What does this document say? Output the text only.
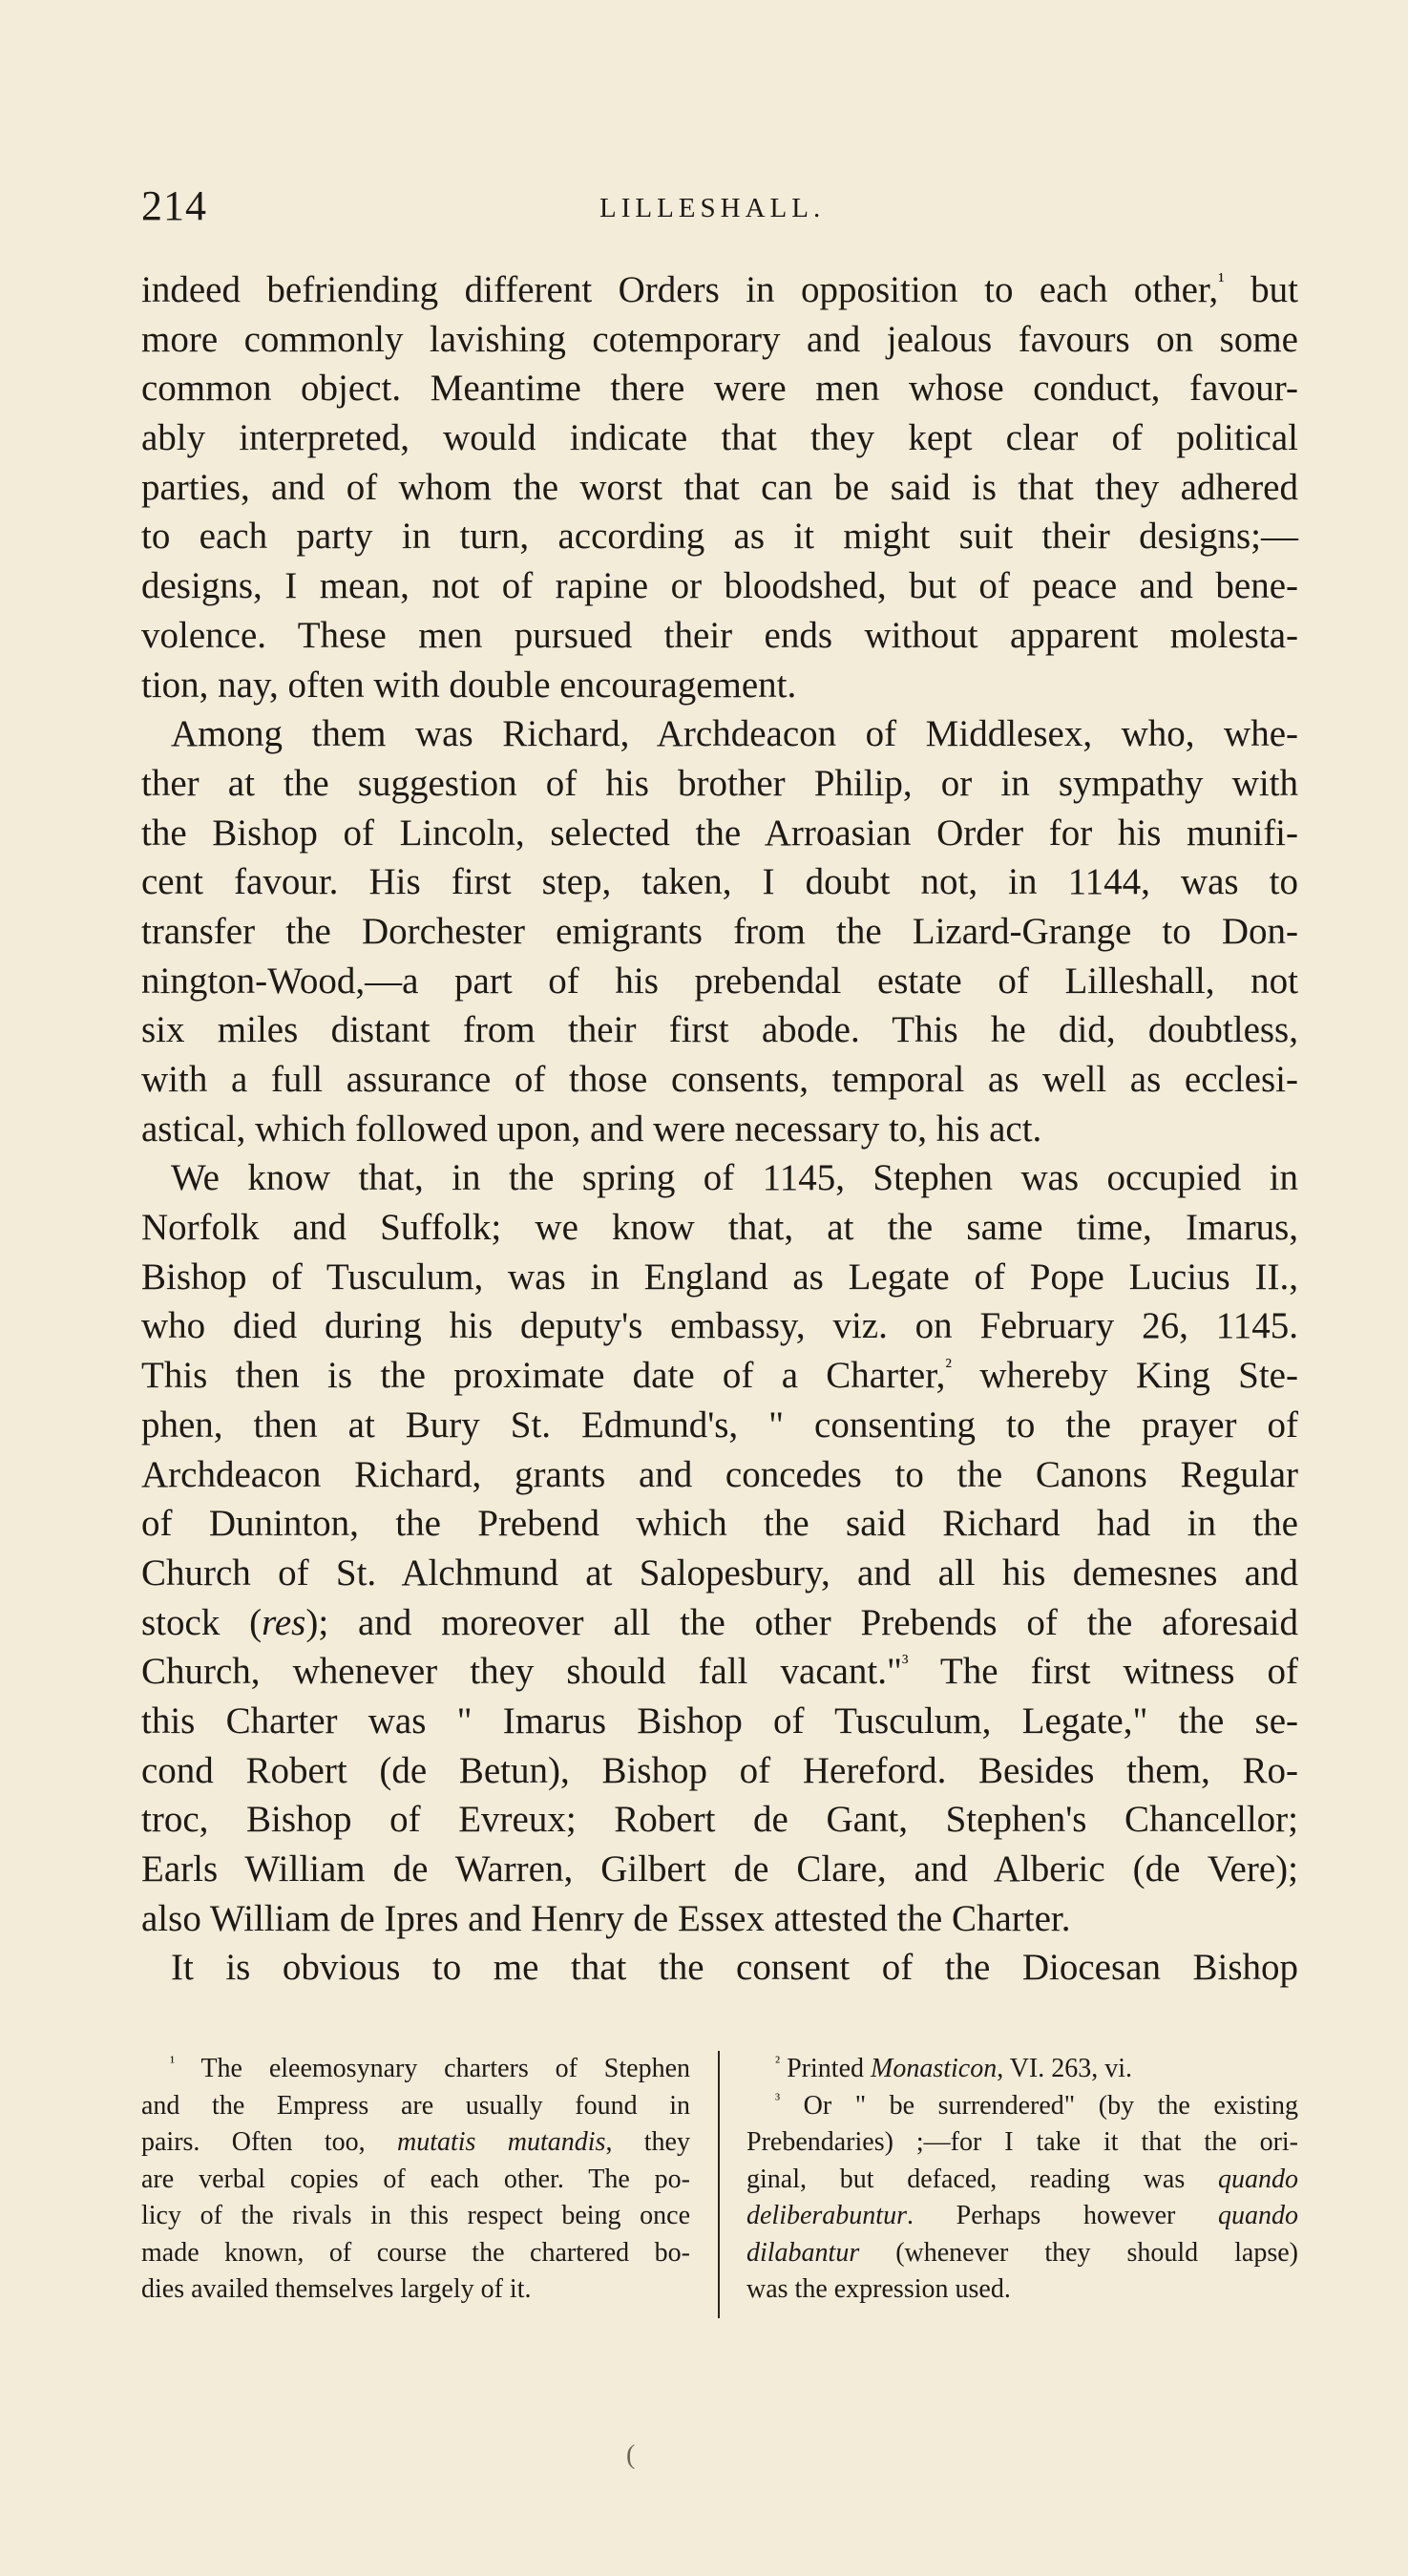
214	LILLESHALL.
indeed befriending different Orders in opposition to each other,$^{^1}$ but
more commonly lavishing cotemporary and jealous favours on some
common object. Meantime there were men whose conduct, favour-
ably interpreted, would indicate that they kept clear of political
parties, and of whom the worst that can be said is that they adhered
to each party in turn, according as it might suit their designs;—
designs, I mean, not of rapine or bloodshed, but of peace and bene-
volence. These men pursued their ends without apparent molesta-
tion, nay, often with double encouragement.
Among them was Richard, Archdeacon of Middlesex, who, whe-
ther at the suggestion of his brother Philip, or in sympathy with
the Bishop of Lincoln, selected the Arroasian Order for his munifi-
cent favour. His first step, taken, I doubt not, in 1144, was to
transfer the Dorchester emigrants from the Lizard-Grange to Don-
nington-Wood,—a part of his prebendal estate of Lilleshall, not
six miles distant from their first abode. This he did, doubtless,
with a full assurance of those consents, temporal as well as ecclesi-
astical, which followed upon, and were necessary to, his act.
We know that, in the spring of 1145, Stephen was occupied in
Norfolk and Suffolk; we know that, at the same time, Imarus,
Bishop of Tusculum, was in England as Legate of Pope Lucius II.,
who died during his deputy's embassy, viz. on February 26, 1145.
This then is the proximate date of a Charter,$^{^2}$ whereby King Ste-
phen, then at Bury St. Edmund's, " consenting to the prayer of
Archdeacon Richard, grants and concedes to the Canons Regular
of Duninton, the Prebend which the said Richard had in the
Church of St. Alchmund at Salopesbury, and all his demesnes and
stock (res); and moreover all the other Prebends of the aforesaid
Church, whenever they should fall vacant."$^{^3}$ The first witness of
this Charter was " Imarus Bishop of Tusculum, Legate," the se-
cond Robert (de Betun), Bishop of Hereford. Besides them, Ro-
troc, Bishop of Evreux; Robert de Gant, Stephen's Chancellor;
Earls William de Warren, Gilbert de Clare, and Alberic (de Vere);
also William de Ipres and Henry de Essex attested the Charter.
It is obvious to me that the consent of the Diocesan Bishop
$^{^1}$ The eleemosynary charters of Stephen
and the Empress are usually found in
pairs. Often too, mutatis mutandis, they
are verbal copies of each other. The po-
licy of the rivals in this respect being once
made known, of course the chartered bo-
dies availed themselves largely of it.
$^{^2}$ Printed Monasticon, VI. 263, vi.
$^{^3}$ Or " be surrendered" (by the existing
Prebendaries) ;—for I take it that the ori-
ginal, but defaced, reading was quando
deliberabuntur. Perhaps however quando
dilabantur (whenever they should lapse)
was the expression used.
(
